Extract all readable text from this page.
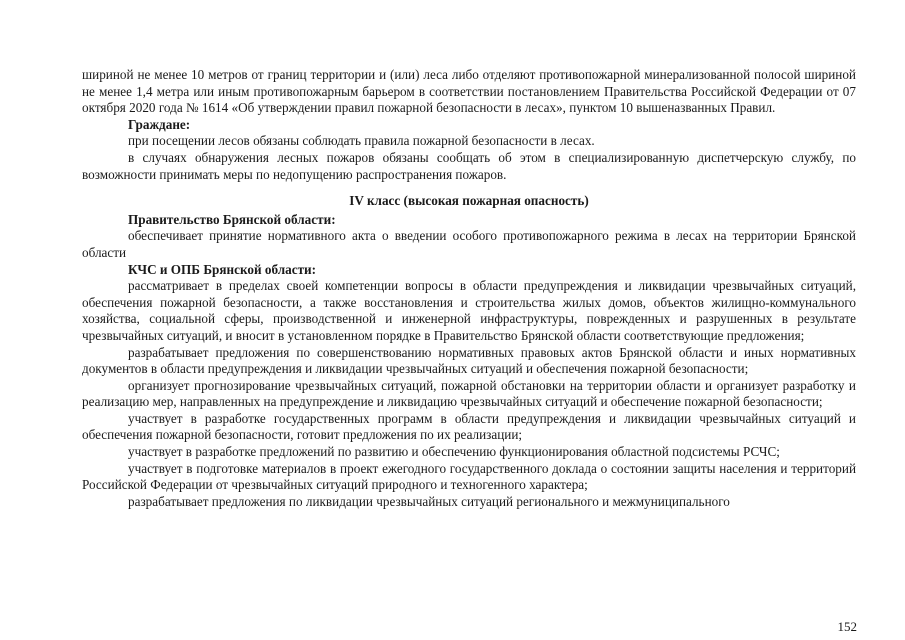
шириной не менее 10 метров от границ территории и (или) леса либо отделяют противопожарной минерализованной полосой шириной не менее 1,4 метра или иным противопожарным барьером в соответствии постановлением Правительства Российской Федерации от 07 октября 2020 года № 1614 «Об утверждении правил пожарной безопасности в лесах», пунктом 10 вышеназванных Правил.

Граждане:

при посещении лесов обязаны соблюдать правила пожарной безопасности в лесах.

в случаях обнаружения лесных пожаров обязаны сообщать об этом в специализированную диспетчерскую службу, по возможности принимать меры по недопущению распространения пожаров.

IV класс (высокая пожарная опасность)

Правительство Брянской области:

обеспечивает принятие нормативного акта о введении особого противопожарного режима в лесах на территории Брянской области

КЧС и ОПБ Брянской области:

рассматривает в пределах своей компетенции вопросы в области предупреждения и ликвидации чрезвычайных ситуаций, обеспечения пожарной безопасности, а также восстановления и строительства жилых домов, объектов жилищно-коммунального хозяйства, социальной сферы, производственной и инженерной инфраструктуры, поврежденных и разрушенных в результате чрезвычайных ситуаций, и вносит в установленном порядке в Правительство Брянской области соответствующие предложения;

разрабатывает предложения по совершенствованию нормативных правовых актов Брянской области и иных нормативных документов в области предупреждения и ликвидации чрезвычайных ситуаций и обеспечения пожарной безопасности;

организует прогнозирование чрезвычайных ситуаций, пожарной обстановки на территории области и организует разработку и реализацию мер, направленных на предупреждение и ликвидацию чрезвычайных ситуаций и обеспечение пожарной безопасности;

участвует в разработке государственных программ в области предупреждения и ликвидации чрезвычайных ситуаций и обеспечения пожарной безопасности, готовит предложения по их реализации;

участвует в разработке предложений по развитию и обеспечению функционирования областной подсистемы РСЧС;

участвует в подготовке материалов в проект ежегодного государственного доклада о состоянии защиты населения и территорий Российской Федерации от чрезвычайных ситуаций природного и техногенного характера;

разрабатывает предложения по ликвидации чрезвычайных ситуаций регионального и межмуниципального

152
